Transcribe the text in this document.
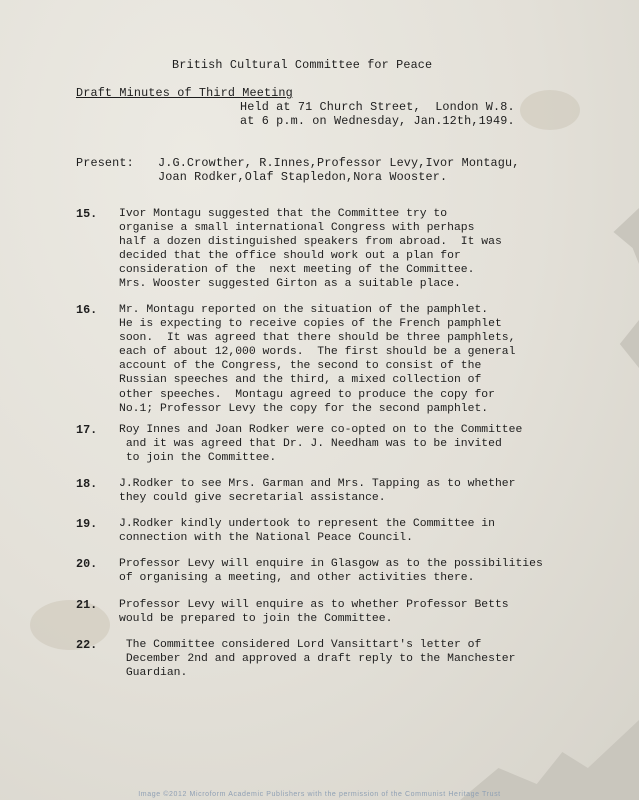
British Cultural Committee for Peace
Draft Minutes of Third Meeting
Held at 71 Church Street,  London W.8.
at 6 p.m. on Wednesday, Jan.12th,1949.
Present: J.G.Crowther, R.Innes,Professor Levy,Ivor Montagu,
Joan Rodker,Olaf Stapledon,Nora Wooster.
15. Ivor Montagu suggested that the Committee try to
organise a small international Congress with perhaps
half a dozen distinguished speakers from abroad.  It was
decided that the office should work out a plan for
consideration of the  next meeting of the Committee.
Mrs. Wooster suggested Girton as a suitable place.
16. Mr. Montagu reported on the situation of the pamphlet.
He is expecting to receive copies of the French pamphlet
soon.  It was agreed that there should be three pamphlets,
each of about 12,000 words.  The first should be a general
account of the Congress, the second to consist of the
Russian speeches and the third, a mixed collection of
other speeches.  Montagu agreed to produce the copy for
No.1; Professor Levy the copy for the second pamphlet.
17. Roy Innes and Joan Rodker were co-opted on to the Committee
and it was agreed that Dr. J. Needham was to be invited
to join the Committee.
18. J.Rodker to see Mrs. Garman and Mrs. Tapping as to whether
they could give secretarial assistance.
19. J.Rodker kindly undertook to represent the Committee in
connection with the National Peace Council.
20. Professor Levy will enquire in Glasgow as to the possibilities
of organising a meeting, and other activities there.
21. Professor Levy will enquire as to whether Professor Betts
would be prepared to join the Committee.
22. The Committee considered Lord Vansittart's letter of
December 2nd and approved a draft reply to the Manchester
Guardian.
Image ©2012 Microform Academic Publishers with the permission of the Communist Heritage Trust
